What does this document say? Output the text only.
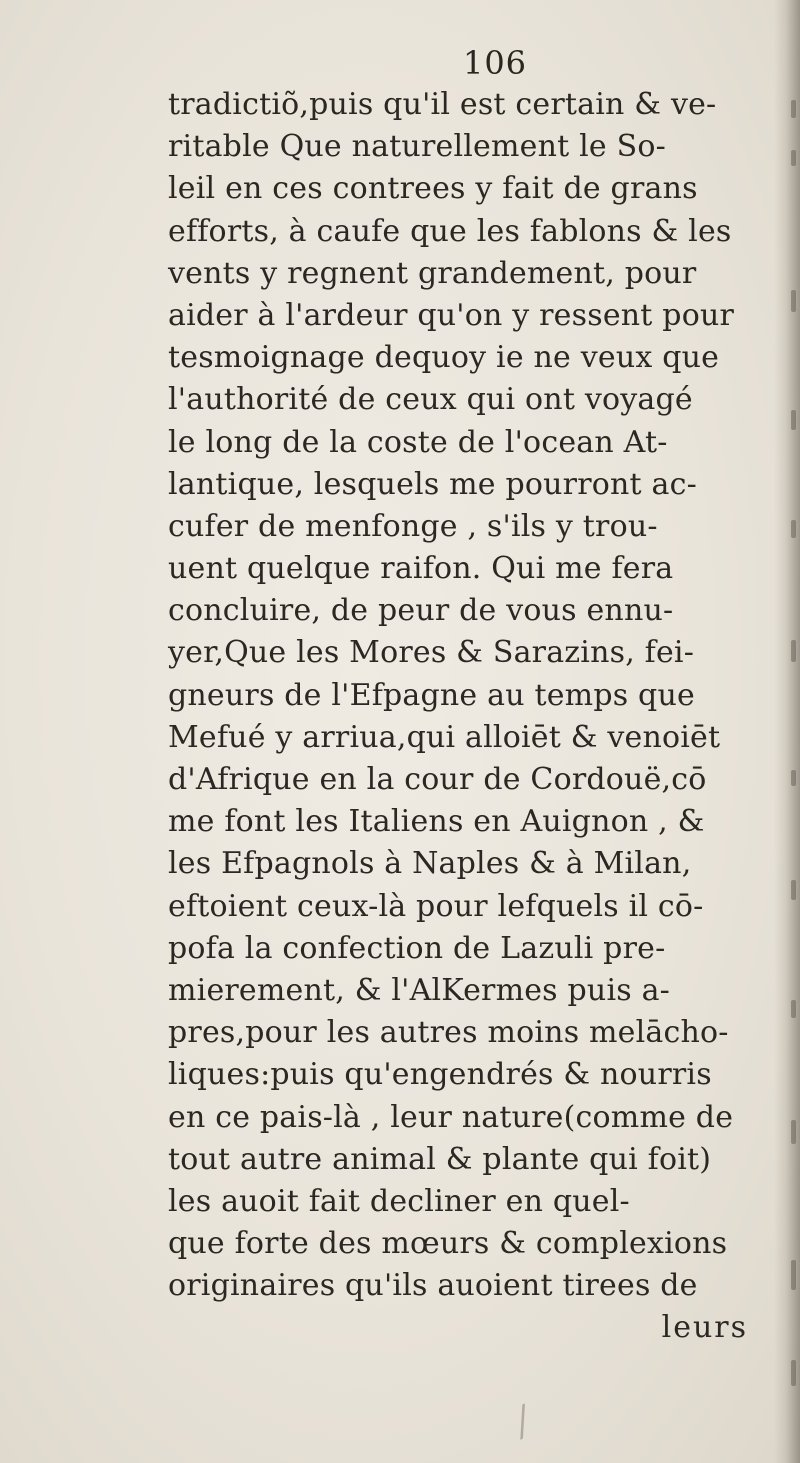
106
tradictiõ,puis qu'il est certain & ve-
ritable Que naturellement le So-
leil en ces contrees y fait de grans
efforts, à caufe que les fablons & les
vents y regnent grandement, pour
aider à l'ardeur qu'on y ressent pour
tesmoignage dequoy ie ne veux que
l'authorité de ceux qui ont voyagé
le long de la coste de l'ocean At-
lantique, lesquels me pourront ac-
cufer de menfonge , s'ils y trou-
uent quelque raifon. Qui me fera
concluire, de peur de vous ennu-
yer,Que les Mores & Sarazins, fei-
gneurs de l'Efpagne au temps que
Mefué y arriua,qui alloiēt & venoiēt
d'Afrique en la cour de Cordouë,cō
me font les Italiens en Auignon , &
les Efpagnols à Naples & à Milan,
eftoient ceux-là pour lefquels il cō-
pofa la confection de Lazuli pre-
mierement, & l'AlKermes puis a-
pres,pour les autres moins melācho-
liques:puis qu'engendrés & nourris
en ce pais-là , leur nature(comme de
tout autre animal & plante qui foit)
les auoit fait decliner en quel-
que forte des mœurs & complexions
originaires qu'ils auoient tirees de
leurs
⁄
